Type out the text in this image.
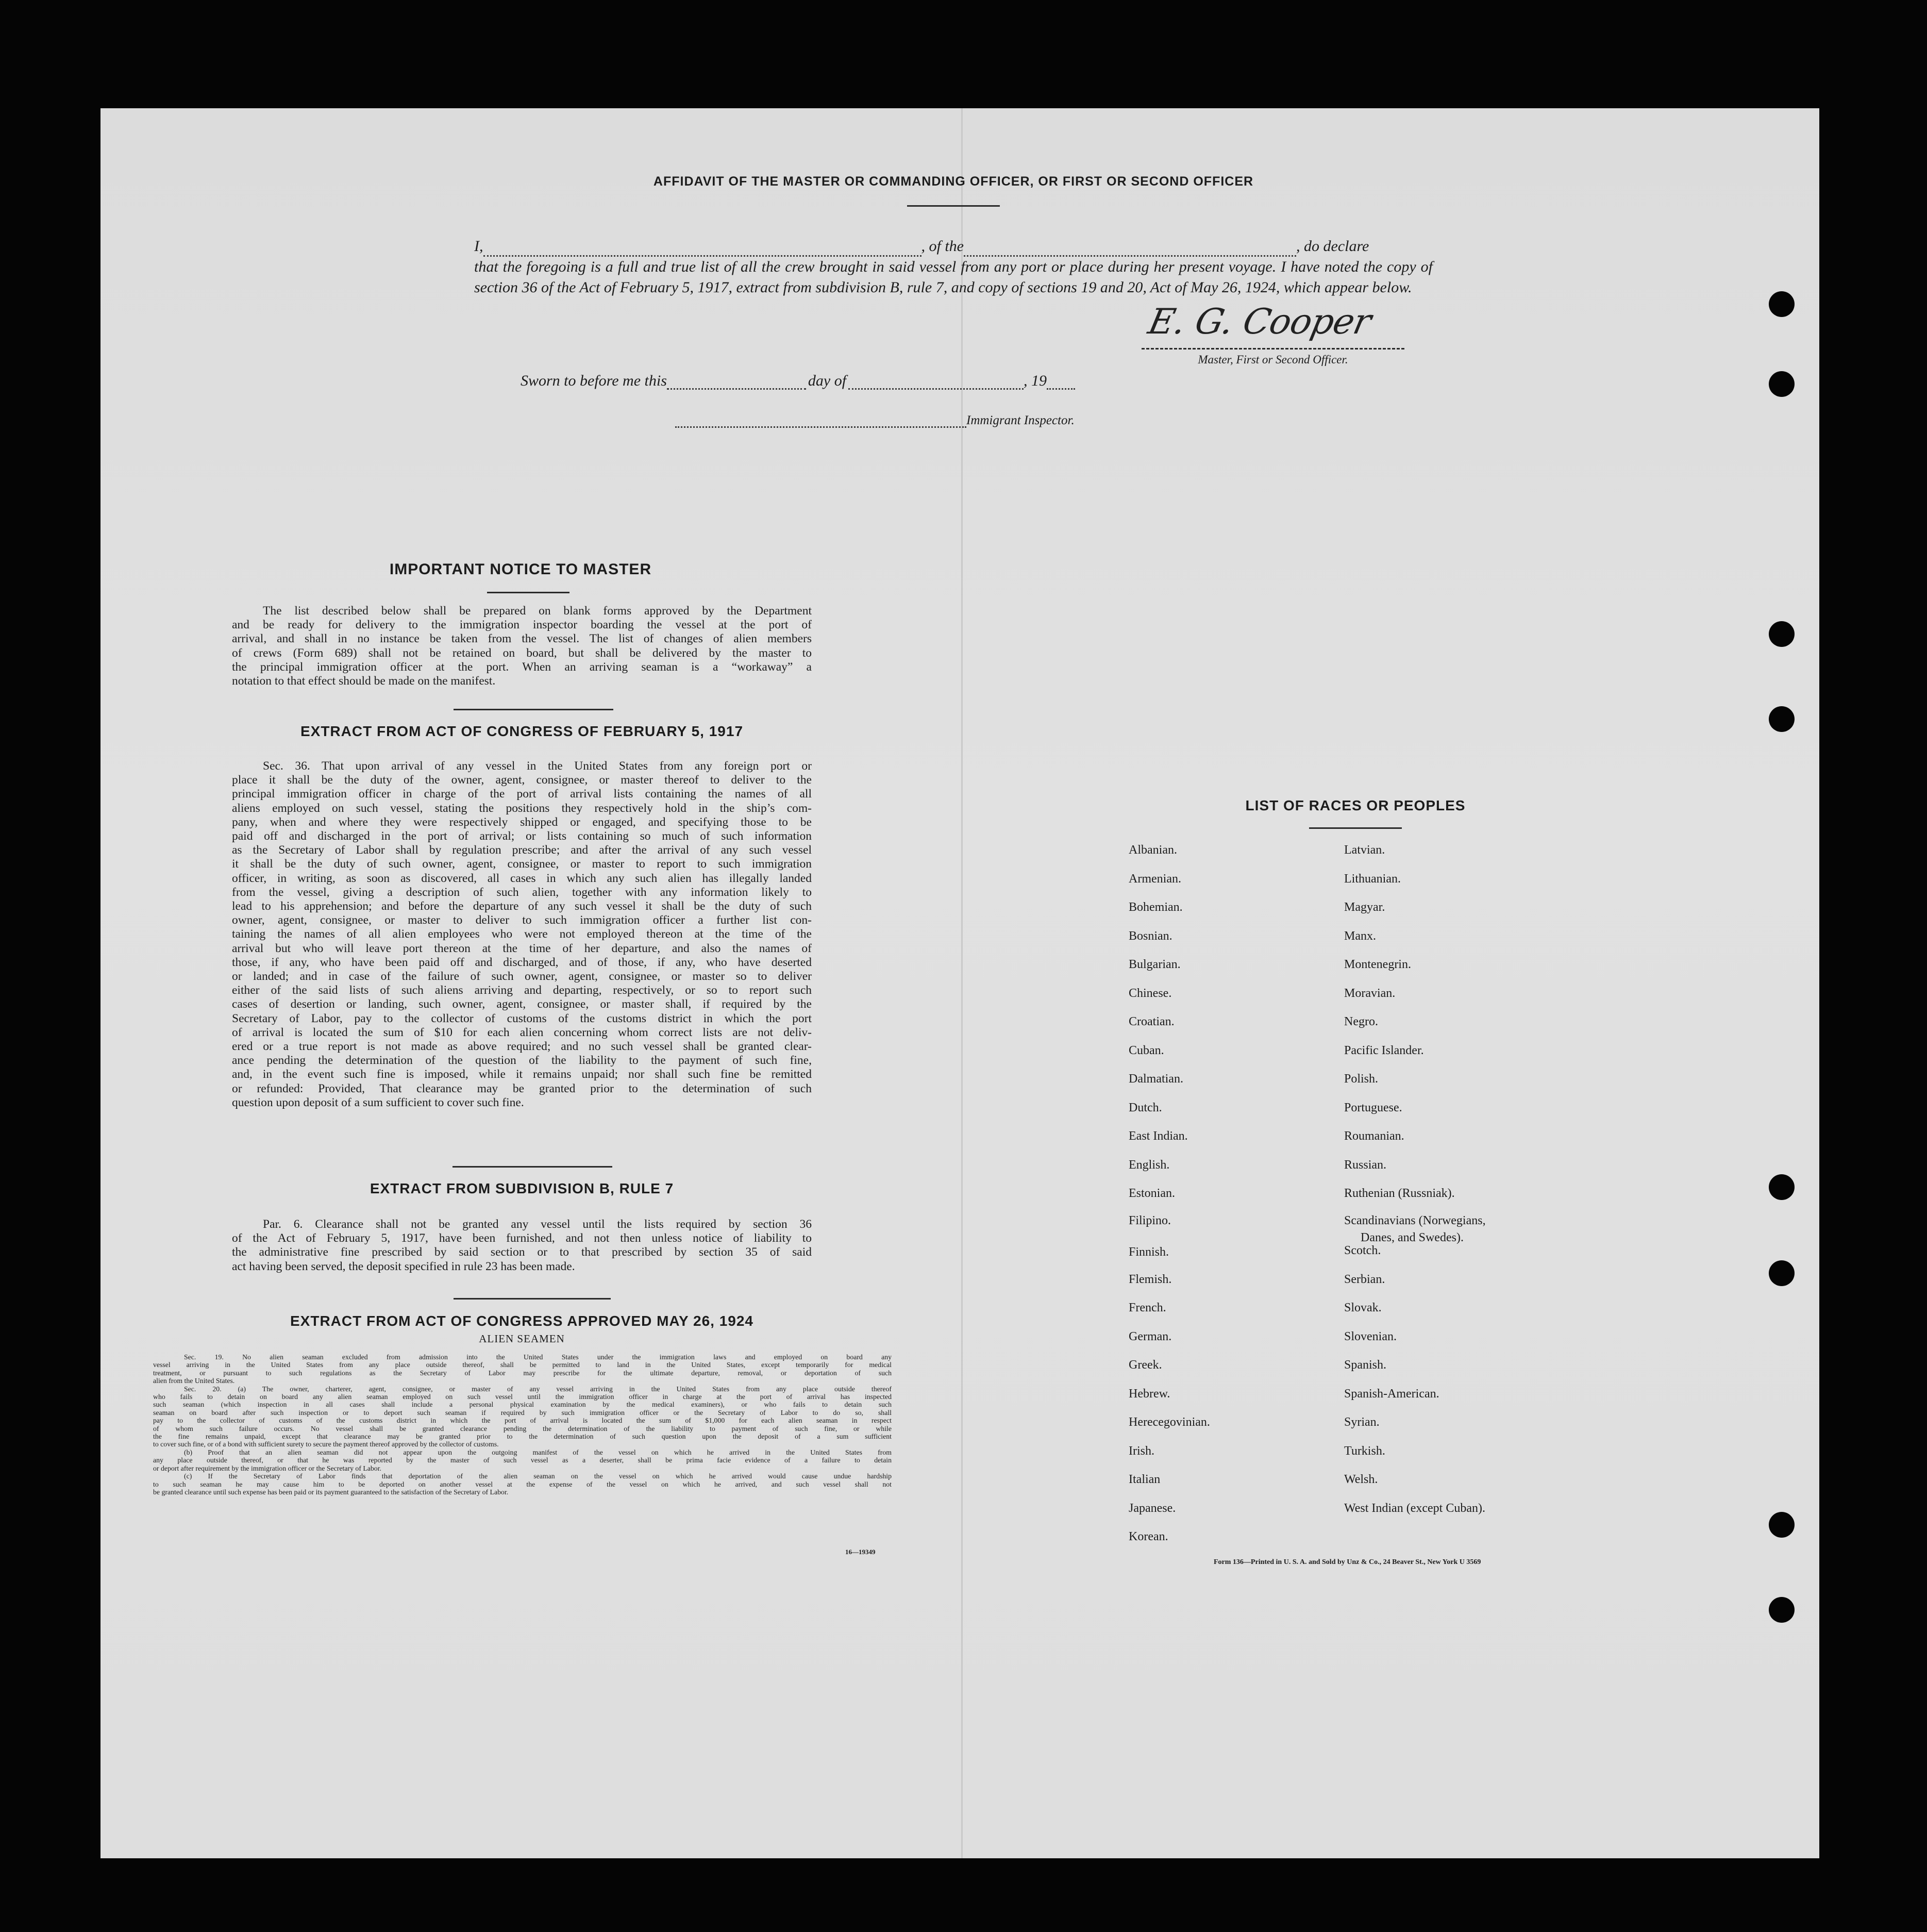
AFFIDAVIT OF THE MASTER OR COMMANDING OFFICER, OR FIRST OR SECOND OFFICER
I,	, of the	, do declare
that the foregoing is a full and true list of all the crew brought in said vessel from any port or place during her present voyage. I have noted the copy of section 36 of the Act of February 5, 1917, extract from subdivision B, rule 7, and copy of sections 19 and 20, Act of May 26, 1924, which appear below.
E. G. Cooper
Master, First or Second Officer.
Sworn to before me this	day of	, 19
Immigrant Inspector.
IMPORTANT NOTICE TO MASTER
The list described below shall be prepared on blank forms approved by the Department
and be ready for delivery to the immigration inspector boarding the vessel at the port of
arrival, and shall in no instance be taken from the vessel. The list of changes of alien members
of crews (Form 689) shall not be retained on board, but shall be delivered by the master to
the principal immigration officer at the port. When an arriving seaman is a “workaway” a
notation to that effect should be made on the manifest.
EXTRACT FROM ACT OF CONGRESS OF FEBRUARY 5, 1917
Sec. 36. That upon arrival of any vessel in the United States from any foreign port or
place it shall be the duty of the owner, agent, consignee, or master thereof to deliver to the
principal immigration officer in charge of the port of arrival lists containing the names of all
aliens employed on such vessel, stating the positions they respectively hold in the ship’s com-
pany, when and where they were respectively shipped or engaged, and specifying those to be
paid off and discharged in the port of arrival; or lists containing so much of such information
as the Secretary of Labor shall by regulation prescribe; and after the arrival of any such vessel
it shall be the duty of such owner, agent, consignee, or master to report to such immigration
officer, in writing, as soon as discovered, all cases in which any such alien has illegally landed
from the vessel, giving a description of such alien, together with any information likely to
lead to his apprehension; and before the departure of any such vessel it shall be the duty of such
owner, agent, consignee, or master to deliver to such immigration officer a further list con-
taining the names of all alien employees who were not employed thereon at the time of the
arrival but who will leave port thereon at the time of her departure, and also the names of
those, if any, who have been paid off and discharged, and of those, if any, who have deserted
or landed; and in case of the failure of such owner, agent, consignee, or master so to deliver
either of the said lists of such aliens arriving and departing, respectively, or so to report such
cases of desertion or landing, such owner, agent, consignee, or master shall, if required by the
Secretary of Labor, pay to the collector of customs of the customs district in which the port
of arrival is located the sum of $10 for each alien concerning whom correct lists are not deliv-
ered or a true report is not made as above required; and no such vessel shall be granted clear-
ance pending the determination of the question of the liability to the payment of such fine,
and, in the event such fine is imposed, while it remains unpaid; nor shall such fine be remitted
or refunded: Provided, That clearance may be granted prior to the determination of such
question upon deposit of a sum sufficient to cover such fine.
EXTRACT FROM SUBDIVISION B, RULE 7
Par. 6. Clearance shall not be granted any vessel until the lists required by section 36
of the Act of February 5, 1917, have been furnished, and not then unless notice of liability to
the administrative fine prescribed by said section or to that prescribed by section 35 of said
act having been served, the deposit specified in rule 23 has been made.
EXTRACT FROM ACT OF CONGRESS APPROVED MAY 26, 1924
ALIEN SEAMEN
Sec. 19. No alien seaman excluded from admission into the United States under the immigration laws and employed on board any
vessel arriving in the United States from any place outside thereof, shall be permitted to land in the United States, except temporarily for medical
treatment, or pursuant to such regulations as the Secretary of Labor may prescribe for the ultimate departure, removal, or deportation of such
alien from the United States.
Sec. 20. (a) The owner, charterer, agent, consignee, or master of any vessel arriving in the United States from any place outside thereof
who fails to detain on board any alien seaman employed on such vessel until the immigration officer in charge at the port of arrival has inspected
such seaman (which inspection in all cases shall include a personal physical examination by the medical examiners), or who fails to detain such
seaman on board after such inspection or to deport such seaman if required by such immigration officer or the Secretary of Labor to do so, shall
pay to the collector of customs of the customs district in which the port of arrival is located the sum of $1,000 for each alien seaman in respect
of whom such failure occurs. No vessel shall be granted clearance pending the determination of the liability to payment of such fine, or while
the fine remains unpaid, except that clearance may be granted prior to the determination of such question upon the deposit of a sum sufficient
to cover such fine, or of a bond with sufficient surety to secure the payment thereof approved by the collector of customs.
(b) Proof that an alien seaman did not appear upon the outgoing manifest of the vessel on which he arrived in the United States from
any place outside thereof, or that he was reported by the master of such vessel as a deserter, shall be prima facie evidence of a failure to detain
or deport after requirement by the immigration officer or the Secretary of Labor.
(c) If the Secretary of Labor finds that deportation of the alien seaman on the vessel on which he arrived would cause undue hardship
to such seaman he may cause him to be deported on another vessel at the expense of the vessel on which he arrived, and such vessel shall not
be granted clearance until such expense has been paid or its payment guaranteed to the satisfaction of the Secretary of Labor.
16—19349
LIST OF RACES OR PEOPLES
Albanian.
Armenian.
Bohemian.
Bosnian.
Bulgarian.
Chinese.
Croatian.
Cuban.
Dalmatian.
Dutch.
East Indian.
English.
Estonian.
Filipino.
Finnish.
Flemish.
French.
German.
Greek.
Hebrew.
Herecegovinian.
Irish.
Italian
Japanese.
Korean.
Latvian.
Lithuanian.
Magyar.
Manx.
Montenegrin.
Moravian.
Negro.
Pacific Islander.
Polish.
Portuguese.
Roumanian.
Russian.
Ruthenian (Russniak).
Scandinavians (Norwegians,
Danes, and Swedes).
Scotch.
Serbian.
Slovak.
Slovenian.
Spanish.
Spanish-American.
Syrian.
Turkish.
Welsh.
West Indian (except Cuban).
Form 136—Printed in U. S. A. and Sold by Unz & Co., 24 Beaver St., New York U 3569
